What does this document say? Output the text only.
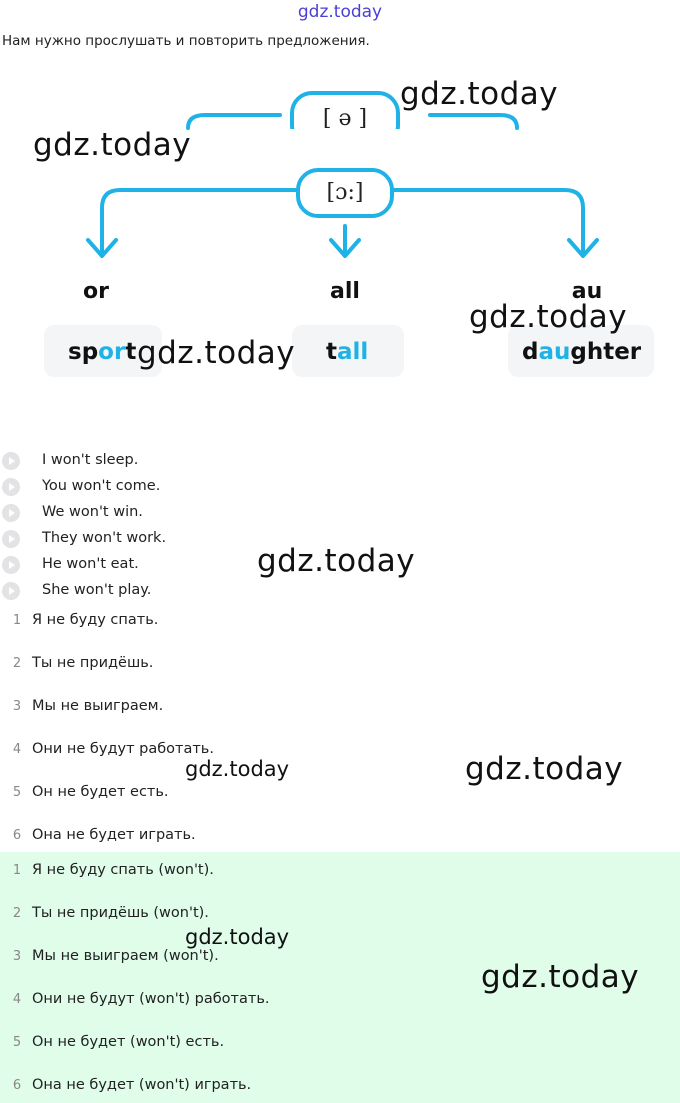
gdz.today
Нам нужно прослушать и повторить предложения.
[ ə ]
[ɔ:]
or	all	au
sport	tall	daughter
I won't sleep.
You won't come.
We won't win.
They won't work.
He won't eat.
She won't play.
1 Я не буду спать.
2 Ты не придёшь.
3 Мы не выиграем.
4 Они не будут работать.
5 Он не будет есть.
6 Она не будет играть.
1 Я не буду спать (won't).
2 Ты не придёшь (won't).
3 Мы не выиграем (won't).
4 Они не будут (won't) работать.
5 Он не будет (won't) есть.
6 Она не будет (won't) играть.
gdz.today
gdz.today
gdz.today
gdz.today
gdz.today
gdz.today	gdz.today
gdz.today
gdz.today
